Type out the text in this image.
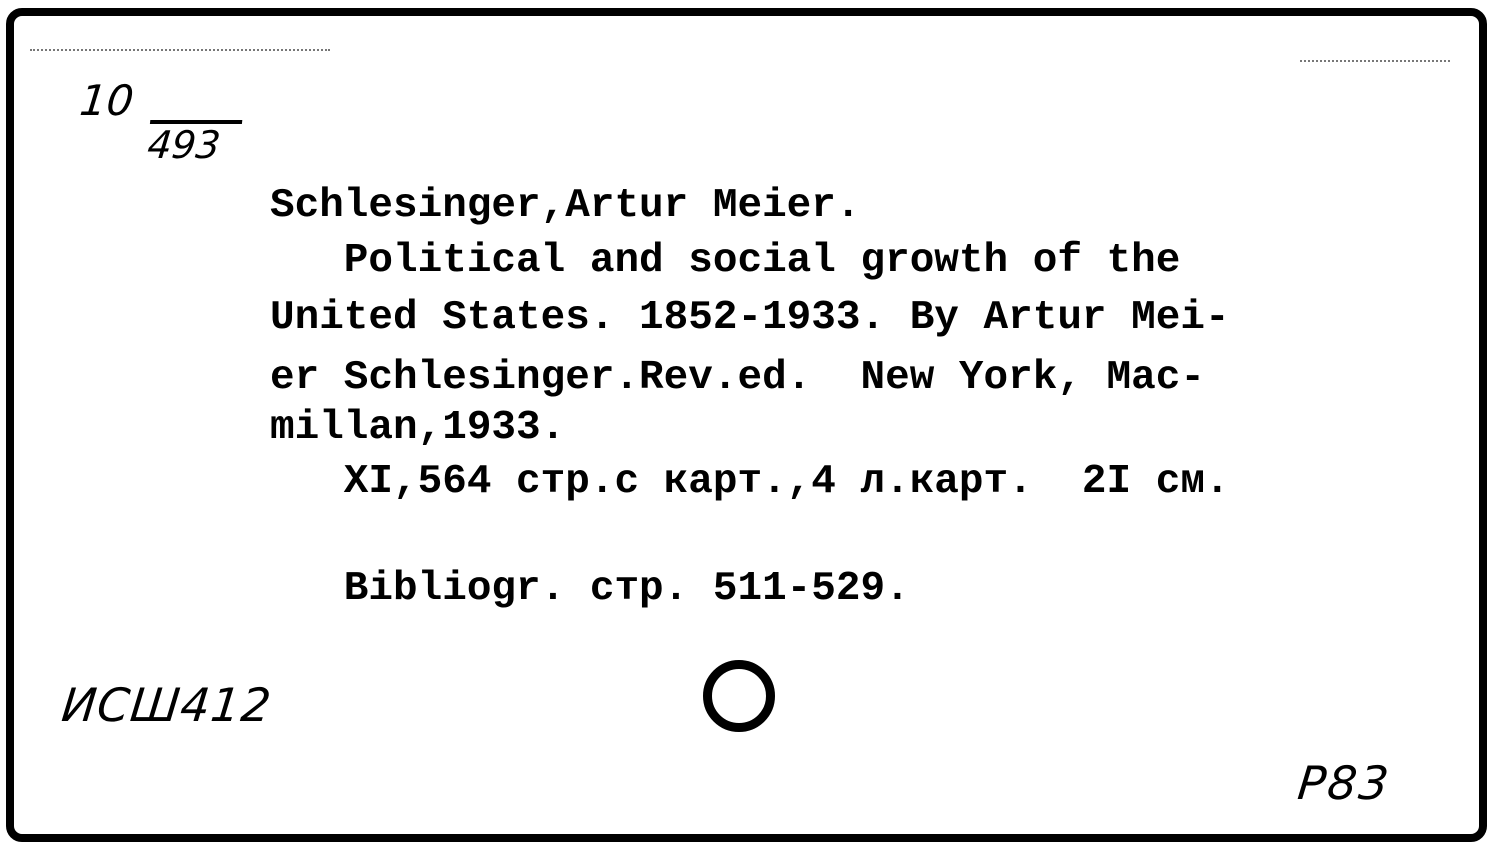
10
493
Schlesinger,Artur Meier.
Political and social growth of the
United States. 1852-1933. By Artur Mei-
er Schlesinger.Rev.ed.  New York, Mac-
millan,1933.
XI,564 стр.с карт.,4 л.карт.  2I см.
Bibliogr. стр. 511-529.
ИСШ412
P83
